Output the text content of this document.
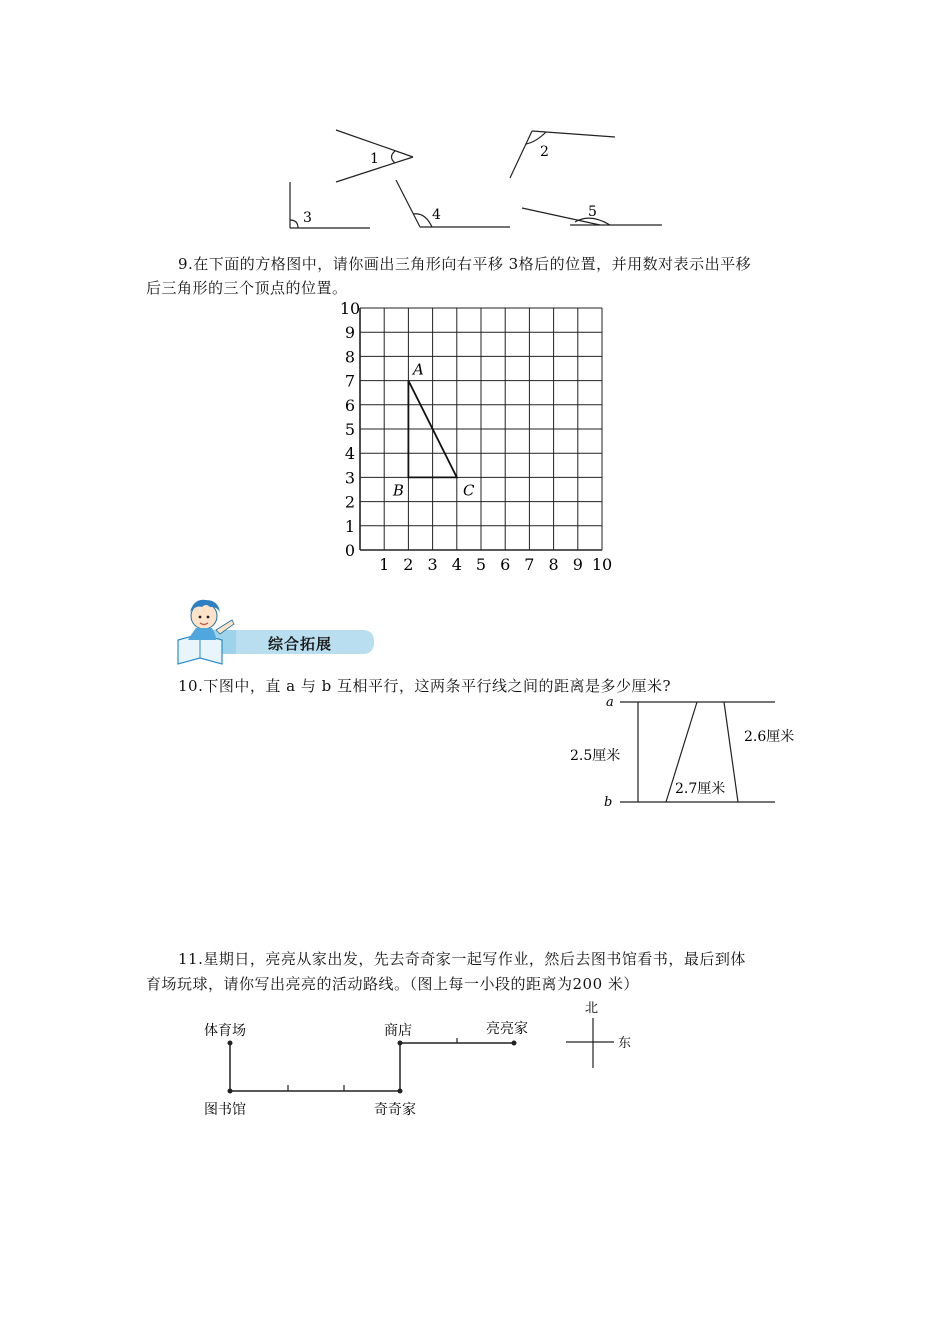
1	2
3	4	5
9.在下面的方格图中，请你画出三角形向右平移 3格后的位置，并用数对表示出平移
后三角形的三个顶点的位置。
1 2 3 4 5 6 7 8 9 10
0
1
2
3
4
5
6
7
8
9
10
A
B	C
综合拓展
10.下图中，直 a 与 b 互相平行，这两条平行线之间的距离是多少厘米?
a
b
2.5厘米
2.6厘米
2.7厘米
11.星期日，亮亮从家出发，先去奇奇家一起写作业，然后去图书馆看书，最后到体
育场玩球，请你写出亮亮的活动路线。（图上每一小段的距离为200 米）
体育场	商店	亮亮家
图书馆	奇奇家
北
东
